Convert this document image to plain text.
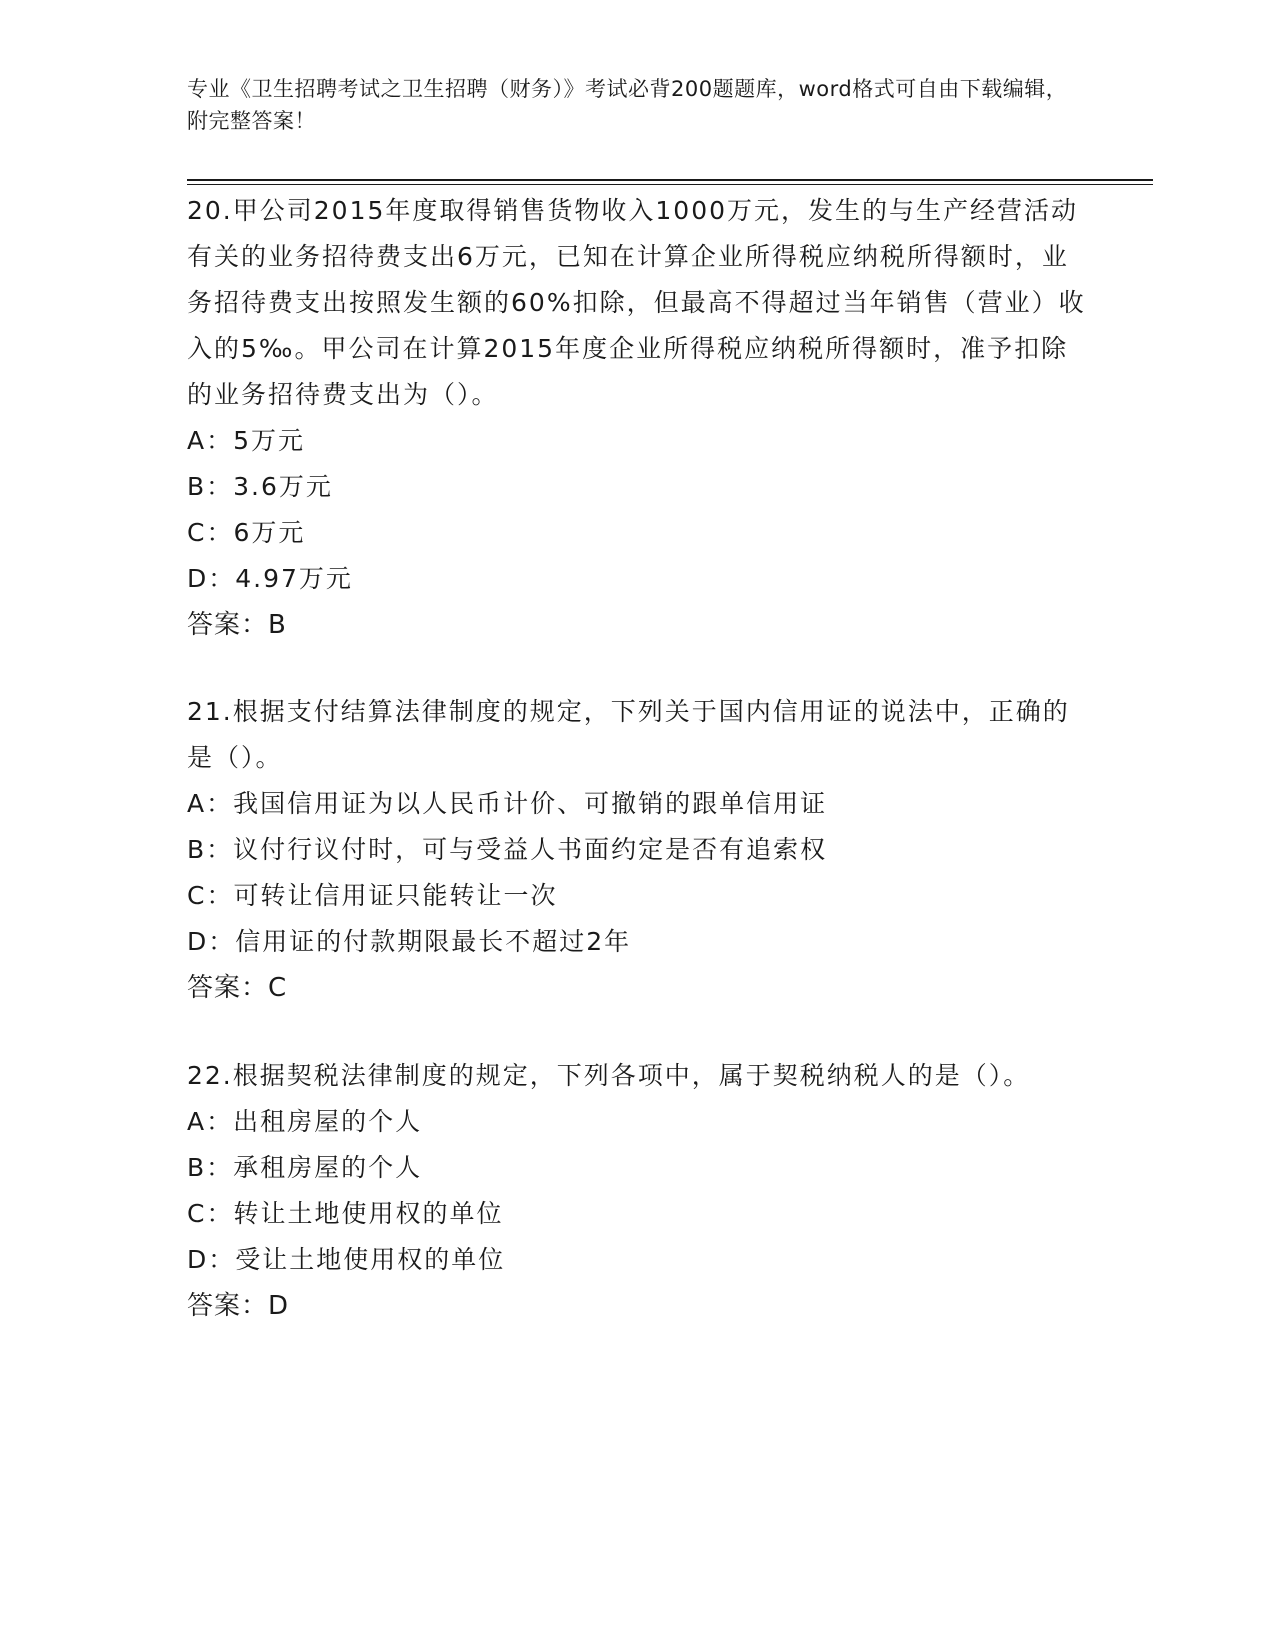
专业《卫生招聘考试之卫生招聘（财务）》考试必背200题题库，word格式可自由下载编辑，附完整答案！

20.甲公司2015年度取得销售货物收入1000万元，发生的与生产经营活动有关的业务招待费支出6万元，已知在计算企业所得税应纳税所得额时，业务招待费支出按照发生额的60%扣除，但最高不得超过当年销售（营业）收入的5‰。甲公司在计算2015年度企业所得税应纳税所得额时，准予扣除的业务招待费支出为（）。

A：5万元

B：3.6万元

C：6万元

D：4.97万元

答案：B

21.根据支付结算法律制度的规定，下列关于国内信用证的说法中，正确的是（）。

A：我国信用证为以人民币计价、可撤销的跟单信用证

B：议付行议付时，可与受益人书面约定是否有追索权

C：可转让信用证只能转让一次

D：信用证的付款期限最长不超过2年

答案：C

22.根据契税法律制度的规定，下列各项中，属于契税纳税人的是（）。

A：出租房屋的个人

B：承租房屋的个人

C：转让土地使用权的单位

D：受让土地使用权的单位

答案：D
